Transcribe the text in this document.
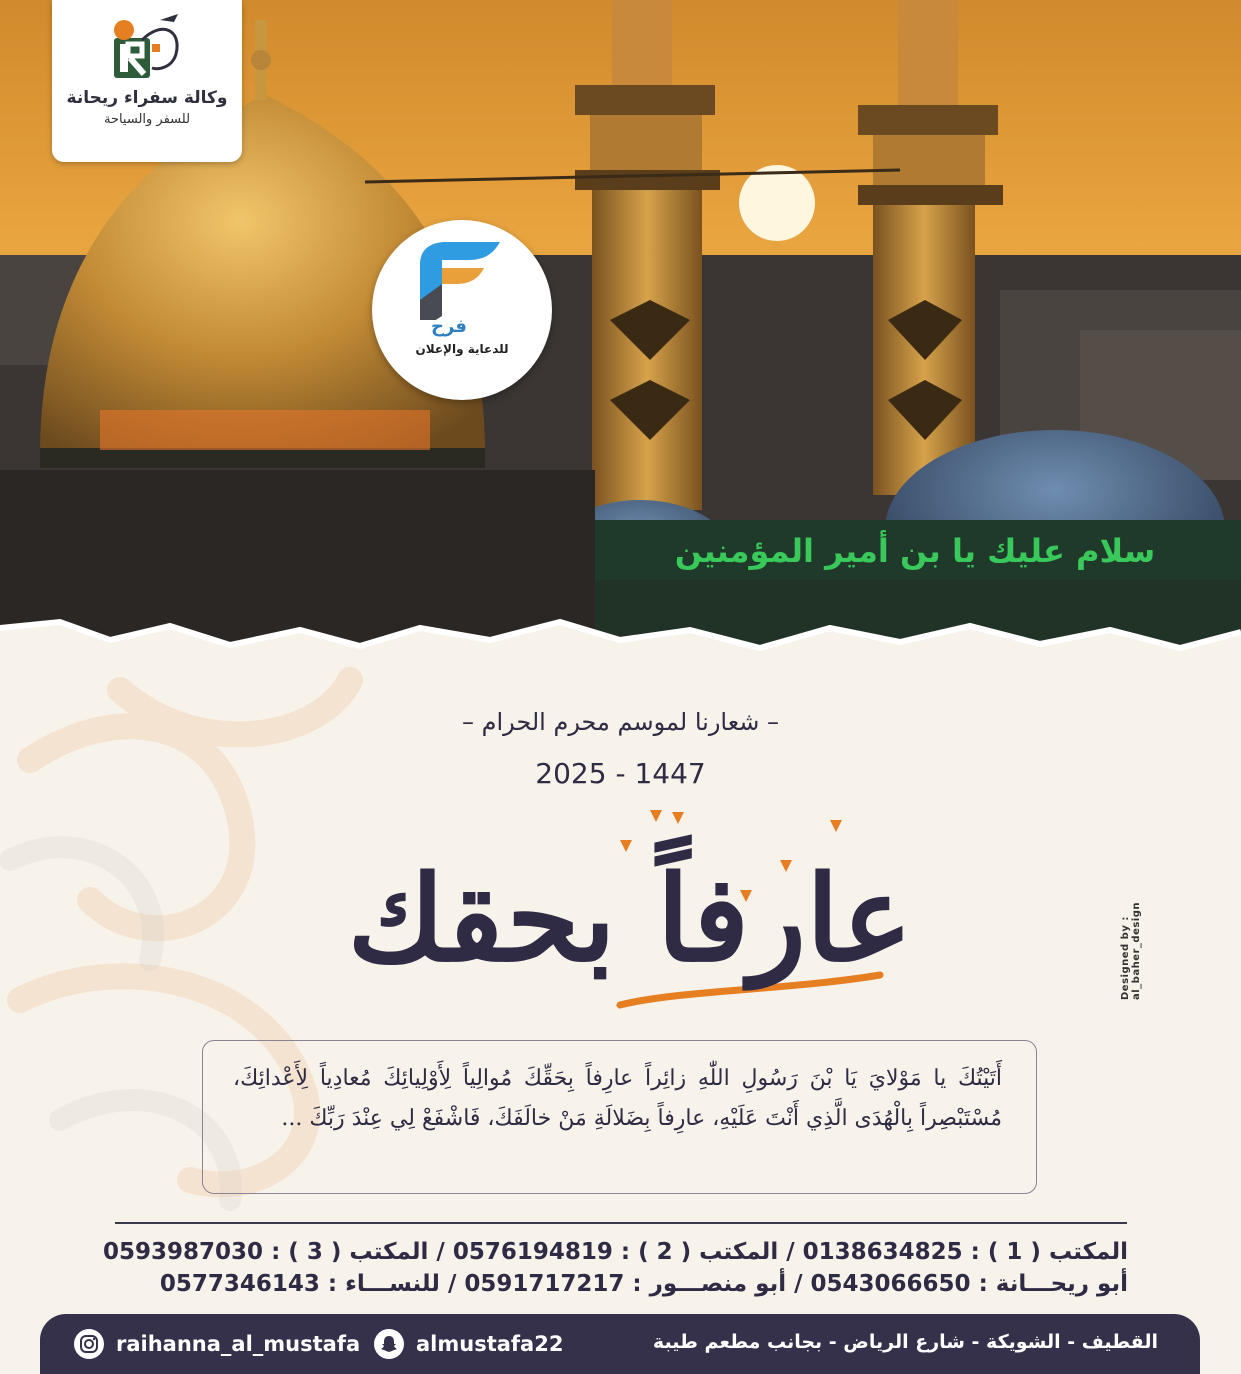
سلام عليك يا بن أمير المؤمنين
وكالة سفراء ريحانة
للسفر والسياحة
فرح
للدعاية والإعلان
– شعارنا لموسم محرم الحرام –
2025 - 1447
عارفاً بحقك	Designed by : al_baher_design
أَتَيْتُكَ يا مَوْلايَ يَا بْنَ رَسُولِ اللّٰهِ زائِراً عارِفاً بِحَقِّكَ مُوالِياً لِأَوْلِيائِكَ مُعادِياً لِأَعْدائِكَ، مُسْتَبْصِراً بِالْهُدَى الَّذِي أَنْتَ عَلَيْهِ، عارِفاً بِضَلالَةِ مَنْ خالَفَكَ، فَاشْفَعْ لِي عِنْدَ رَبِّكَ ...
المكتب ( 1 ) : 0138634825 / المكتب ( 2 ) : 0576194819 / المكتب ( 3 ) : 0593987030
أبو ريحـــانة : 0543066650 / أبو منصـــور : 0591717217 / للنســـاء : 0577346143
raihanna_al_mustafa	almustafa22	القطيف - الشويكة - شارع الرياض - بجانب مطعم طيبة
